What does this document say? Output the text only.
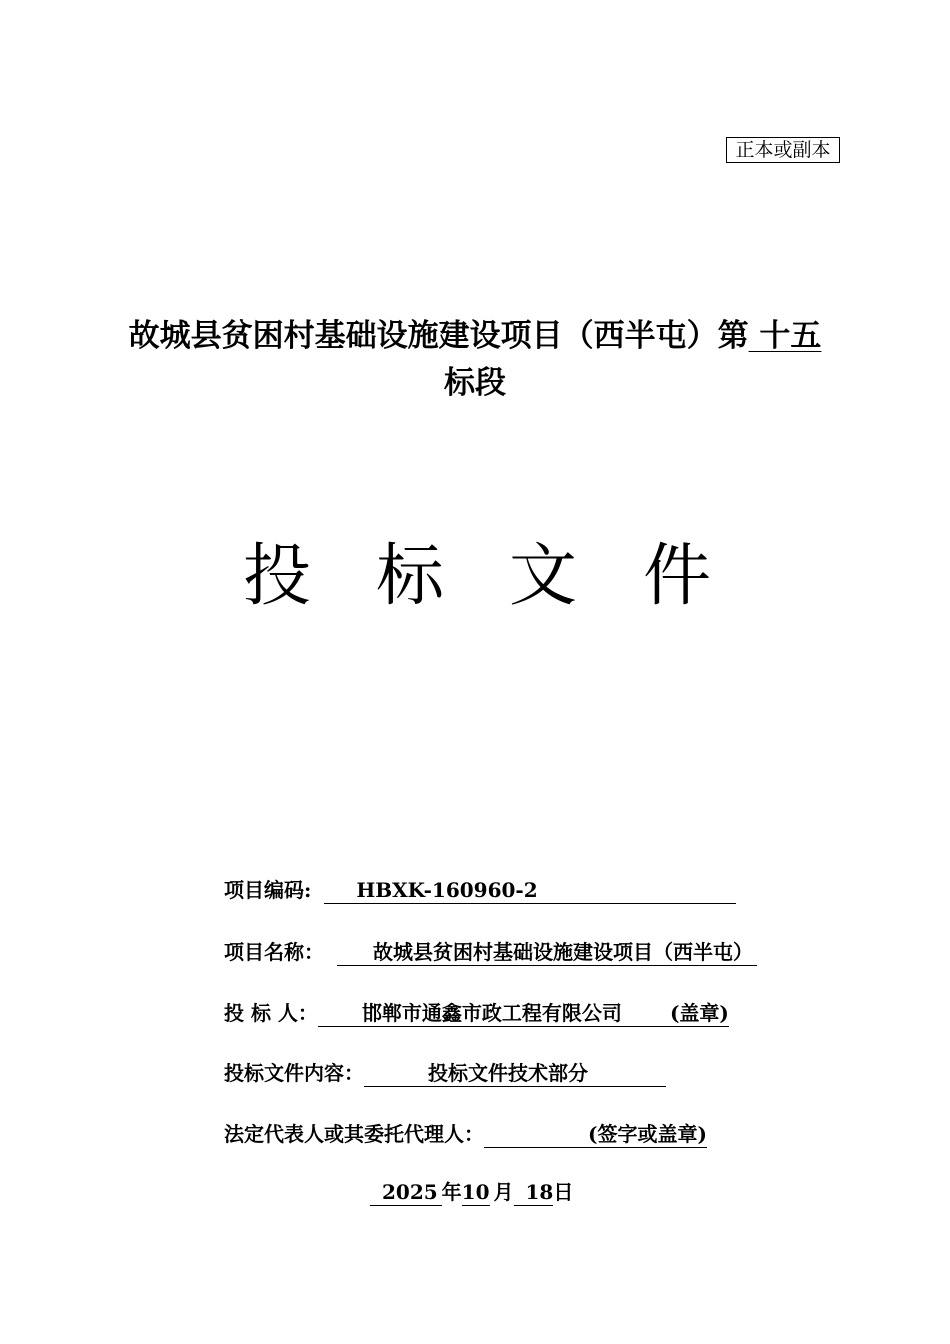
正本或副本
故城县贫困村基础设施建设项目（西半屯）第 十五
标段
投 标 文 件
项目编码: HBXK-160960-2
项目名称： 故城县贫困村基础设施建设项目（西半屯）
投 标 人： 邯郸市通鑫市政工程有限公司 (盖章)
投标文件内容：	投标文件技术部分
法定代表人或其委托代理人：	(签字或盖章)
2025 年10 月 18日
